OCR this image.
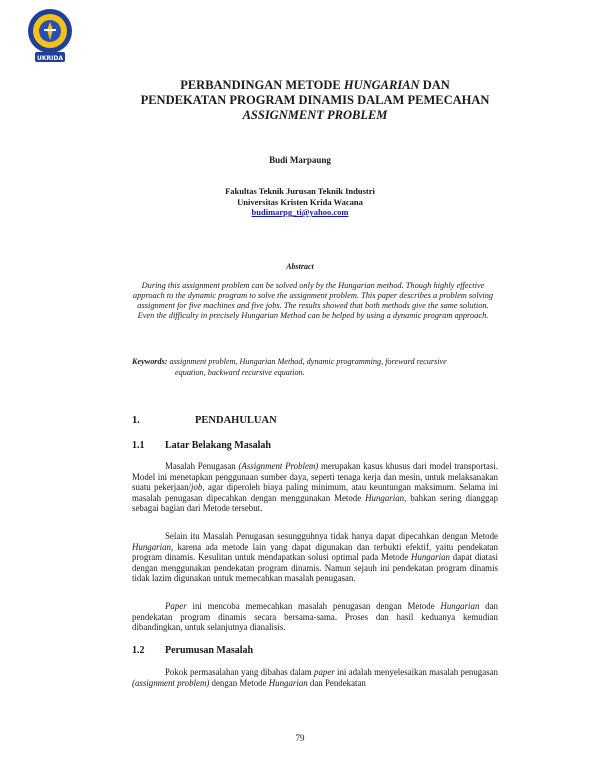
UKRIDA
PERBANDINGAN METODE HUNGARIAN DAN
PENDEKATAN PROGRAM DINAMIS DALAM PEMECAHAN
ASSIGNMENT PROBLEM
Budi Marpaung
Fakultas Teknik Jurusan Teknik Industri
Universitas Kristen Krida Wacana
budimarpg_ti@yahoo.com
Abstract
During this assignment problem can be solved only by the Hungarian method. Though highly effective approach to the dynamic program to solve the assignment problem. This paper describes a problem solving assignment for five machines and five jobs. The results showed that both methods give the same solution. Even the difficulty in precisely Hungarian Method can be helped by using a dynamic program approach.
Keywords: assignment problem, Hungarian Method, dynamic programming, foreward recursive
equation, backward recursive equation.
1.	PENDAHULUAN
1.1 Latar Belakang Masalah

Masalah Penugasan (Assignment Problem) merupakan kasus khusus dari model transportasi. Model ini menetapkan penggunaan sumber daya, seperti tenaga kerja dan mesin, untuk melaksanakan suatu pekerjaan/job, agar diperoleh biaya paling minimum, atau keuntungan maksimum. Selama ini masalah penugasan dipecahkan dengan menggunakan Metode Hungarian, bahkan sering dianggap sebagai bagian dari Metode tersebut.

Selain itu Masalah Penugasan sesungguhnya tidak hanya dapat dipecahkan dengan Metode Hungarian, karena ada metode lain yang dapat digunakan dan terbukti efektif, yaitu pendekatan program dinamis. Kesulitan untuk mendapatkan solusi optimal pada Metode Hungarian dapat diatasi dengan menggunakan pendekatan program dinamis. Namun sejauh ini pendekatan program dinamis tidak lazim digunakan untuk memecahkan masalah penugasan.

Paper ini mencoba memecahkan masalah penugasan dengan Metode Hungarian dan pendekatan program dinamis secara bersama-sama. Proses dan hasil keduanya kemudian dibandingkan, untuk selanjutnya dianalisis.

1.2 Perumusan Masalah

Pokok permasalahan yang dibahas dalam paper ini adalah menyelesaikan masalah penugasan (assignment problem) dengan Metode Hungarian dan Pendekatan

79
